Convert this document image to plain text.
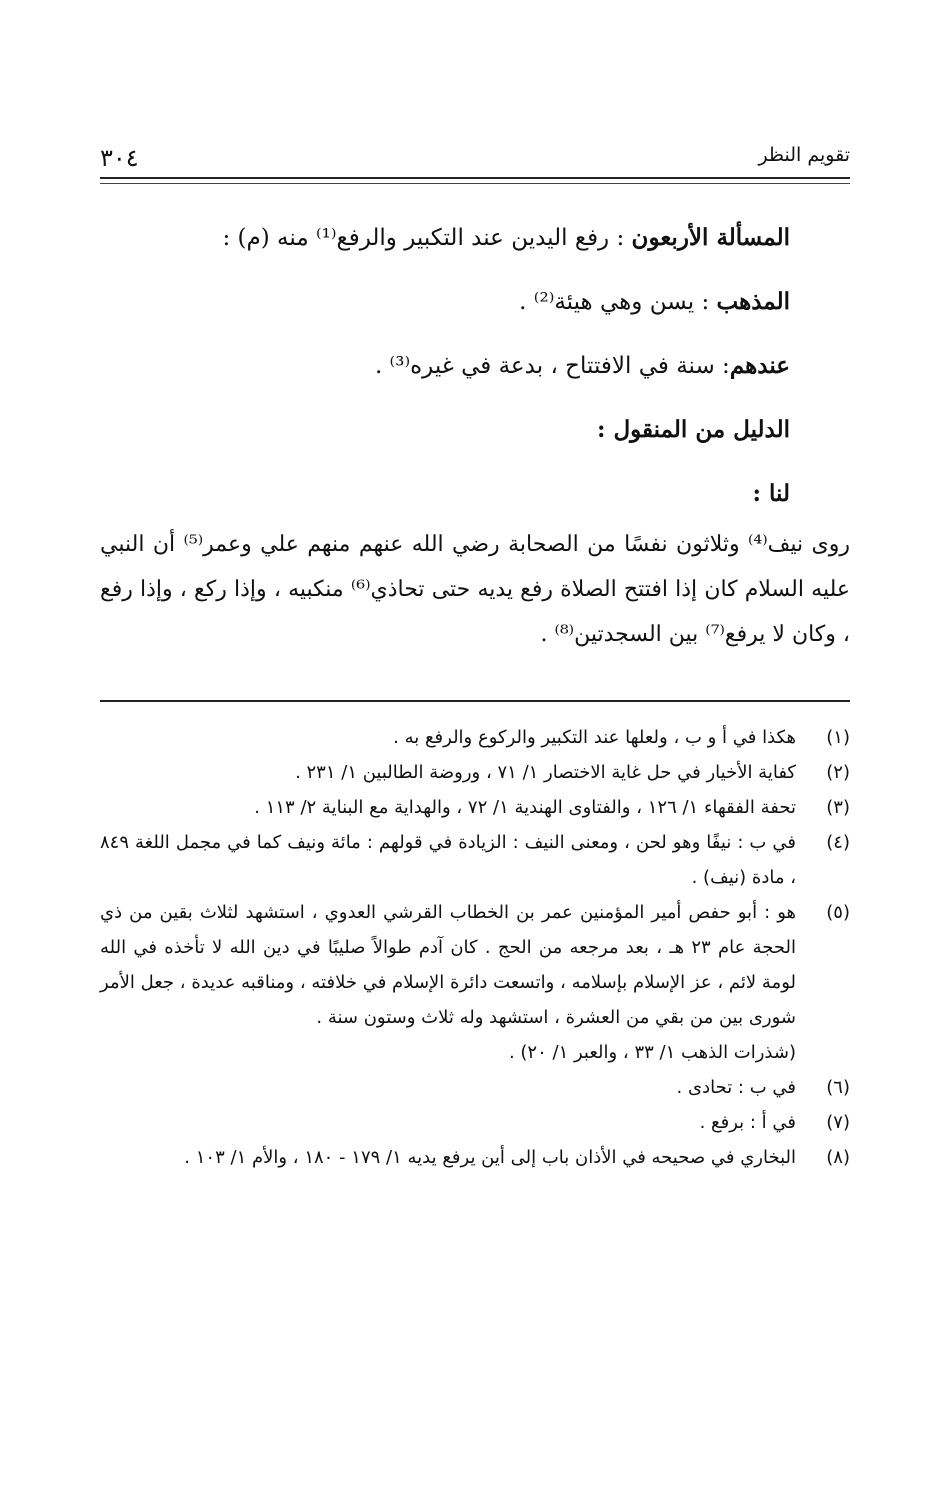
تقويم النظر
٣٠٤
المسألة الأربعون : رفع اليدين عند التكبير والرفع⁽¹⁾ منه (م) :
المذهب : يسن وهي هيئة⁽²⁾ .
عندهم: سنة في الافتتاح ، بدعة في غيره⁽³⁾ .
الدليل من المنقول :
لنا :
روى نيف⁽⁴⁾ وثلاثون نفسًا من الصحابة رضي الله عنهم منهم علي وعمر⁽⁵⁾ أن النبي عليه السلام كان إذا افتتح الصلاة رفع يديه حتى تحاذي⁽⁶⁾ منكبيه ، وإذا ركع ، وإذا رفع ، وكان لا يرفع⁽⁷⁾ بين السجدتين⁽⁸⁾ .
(١)
هكذا في أ و ب ، ولعلها عند التكبير والركوع والرفع به .
(٢)
كفاية الأخيار في حل غاية الاختصار ١/ ٧١ ، وروضة الطالبين ١/ ٢٣١ .
(٣)
تحفة الفقهاء ١/ ١٢٦ ، والفتاوى الهندية ١/ ٧٢ ، والهداية مع البناية ٢/ ١١٣ .
(٤)
في ب : نيفًا وهو لحن ، ومعنى النيف : الزيادة في قولهم : مائة ونيف كما في مجمل اللغة ٨٤٩ ، مادة (نيف) .
(٥)
هو : أبو حفص أمير المؤمنين عمر بن الخطاب القرشي العدوي ، استشهد لثلاث بقين من ذي الحجة عام ٢٣ هـ ، بعد مرجعه من الحج . كان آدم طوالاً صليبًا في دين الله لا تأخذه في الله لومة لائم ، عز الإسلام بإسلامه ، واتسعت دائرة الإسلام في خلافته ، ومناقبه عديدة ، جعل الأمر شورى بين من بقي من العشرة ، استشهد وله ثلاث وستون سنة .
(شذرات الذهب ١/ ٣٣ ، والعبر ١/ ٢٠) .
(٦)
في ب : تحادى .
(٧)
في أ : برفع .
(٨)
البخاري في صحيحه في الأذان باب إلى أين يرفع يديه ١/ ١٧٩ - ١٨٠ ، والأم ١/ ١٠٣ .
